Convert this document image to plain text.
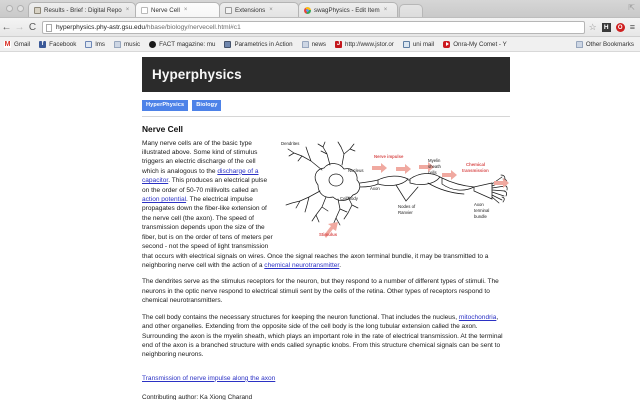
Results - Brief : Digital Repo ×	Nerve Cell ×	Extensions ×	swagPhysics - Edit Item ×	⇱
← → C	hyperphysics.phy-astr.gsu.edu/hbase/biology/nervecell.html#c1	☆	H	O ≡
M Gmail	f Facebook	lms	music	FACT magazine: mu	Parametrics in Action	news	J http://www.jstor.or	uni mail	Onra-My Comet - Y	Other Bookmarks
Hyperphysics
HyperPhysics	Biology
Nerve Cell
Dendrites
Nucleus
Axon
Cell body
Stimulus
Nerve impulse
Myelin
sheath
cells
Nodes of
Ranvier
Chemical
transmission
Axon
terminal
bundle

Many nerve cells are of the basic type illustrated above. Some kind of stimulus triggers an electric discharge of the cell which is analogous to the discharge of a capacitor. This produces an electrical pulse on the order of 50-70 millivolts called an action potential. The electrical impulse propagates down the fiber-like extension of the nerve cell (the axon). The speed of transmission depends upon the size of the fiber, but is on the order of tens of meters per second - not the speed of light transmission that occurs with electrical signals on wires. Once the signal reaches the axon terminal bundle, it may be transmitted to a neighboring nerve cell with the action of a chemical neurotransmitter.

The dendrites serve as the stimulus receptors for the neuron, but they respond to a number of different types of stimuli. The neurons in the optic nerve respond to electrical stimuli sent by the cells of the retina. Other types of receptors respond to chemical neurotransmitters.

The cell body contains the necessary structures for keeping the neuron functional. That includes the nucleus, mitochondria, and other organelles. Extending from the opposite side of the cell body is the long tubular extension called the axon. Surrounding the axon is the myelin sheath, which plays an important role in the rate of electrical transmission. At the terminal end of the axon is a branched structure with ends called synaptic knobs. From this structure chemical signals can be sent to neighboring neurons.

Transmission of nerve impulse along the axon
Contributing author: Ka Xiong Charand
